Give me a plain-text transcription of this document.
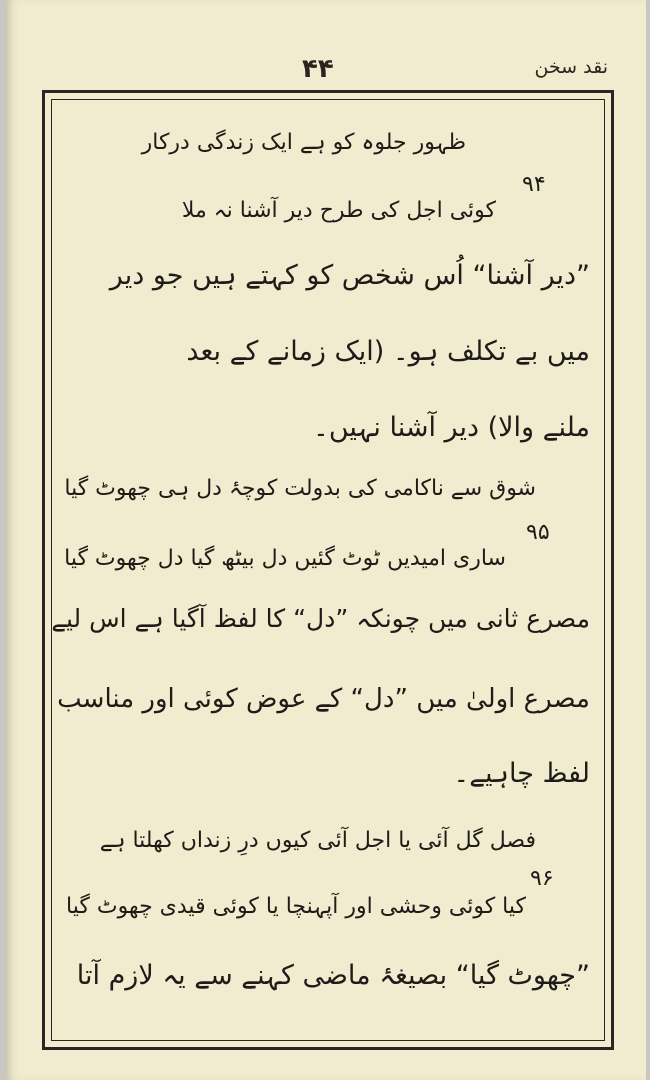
نقد سخن
۴۴
ظہور جلوہ کو ہے ایک زندگی درکار
۹۴
کوئی اجل کی طرح دیر آشنا نہ ملا
”دیر آشنا“ اُس شخص کو کہتے ہیں جو دیر
میں بے تکلف ہو۔ (ایک زمانے کے بعد
ملنے والا) دیر آشنا نہیں۔
شوق سے ناکامی کی بدولت کوچۂ دل ہی چھوٹ گیا
۹۵
ساری امیدیں ٹوٹ گئیں دل بیٹھ گیا دل چھوٹ گیا
مصرع ثانی میں چونکہ ”دل“ کا لفظ آگیا ہے اس لیے
مصرع اولیٰ میں ”دل“ کے عوض کوئی اور مناسب
لفظ چاہیے۔
فصل گل آئی یا اجل آئی کیوں درِ زنداں کھلتا ہے
۹۶
کیا کوئی وحشی اور آپہنچا یا کوئی قیدی چھوٹ گیا
”چھوٹ گیا“ بصیغۂ ماضی کہنے سے یہ لازم آتا
